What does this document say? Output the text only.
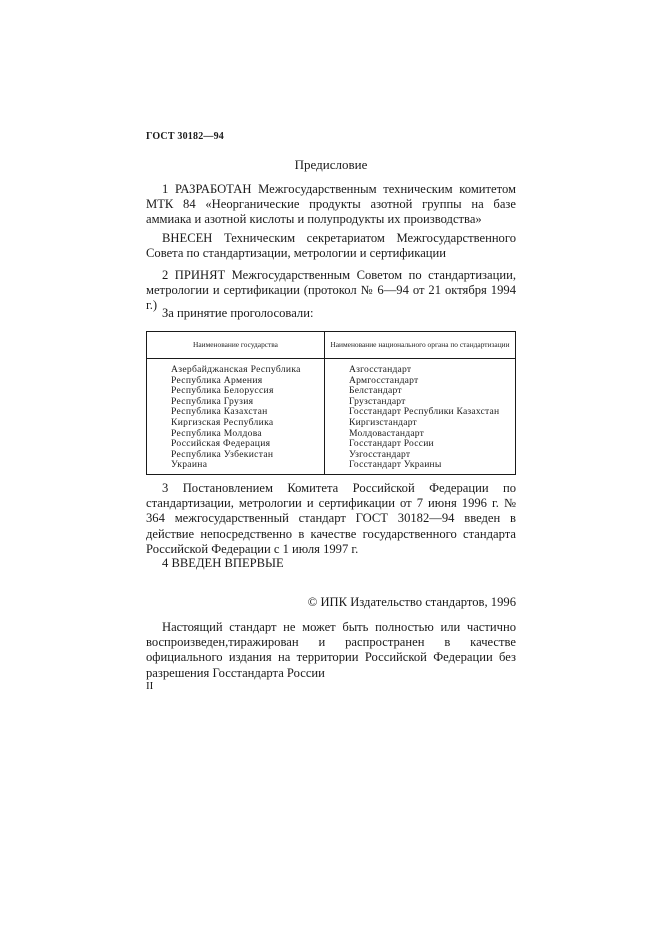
ГОСТ 30182—94
Предисловие

1 РАЗРАБОТАН Межгосударственным техническим комитетом МТК 84 «Неорганические продукты азотной группы на базе аммиака и азотной кислоты и полупродукты их производства»

ВНЕСЕН Техническим секретариатом Межгосударственного Совета по стандартизации, метрологии и сертификации

2 ПРИНЯТ Межгосударственным Советом по стандартизации, метрологии и сертификации (протокол № 6—94 от 21 октября 1994 г.)

За принятие проголосовали:

Наименование государства	Наименование национального органа по стандартизации
Азербайджанская Республика	Азгосстандарт
Республика Армения	Армгосстандарт
Республика Белоруссия	Белстандарт
Республика Грузия	Грузстандарт
Республика Казахстан	Госстандарт Республики Казахстан
Киргизская Республика	Киргизстандарт
Республика Молдова	Молдовастандарт
Российская Федерация	Госстандарт России
Республика Узбекистан	Узгосстандарт
Украина	Госстандарт Украины

3 Постановлением Комитета Российской Федерации по стандартизации, метрологии и сертификации от 7 июня 1996 г. № 364 межгосударственный стандарт ГОСТ 30182—94 введен в действие непосредственно в качестве государственного стандарта Российской Федерации с 1 июля 1997 г.

4 ВВЕДЕН ВПЕРВЫЕ

© ИПК Издательство стандартов, 1996

Настоящий стандарт не может быть полностью или частично воспроизведен,тиражирован и распространен в качестве официального издания на территории Российской Федерации без разрешения Госстандарта России

II
